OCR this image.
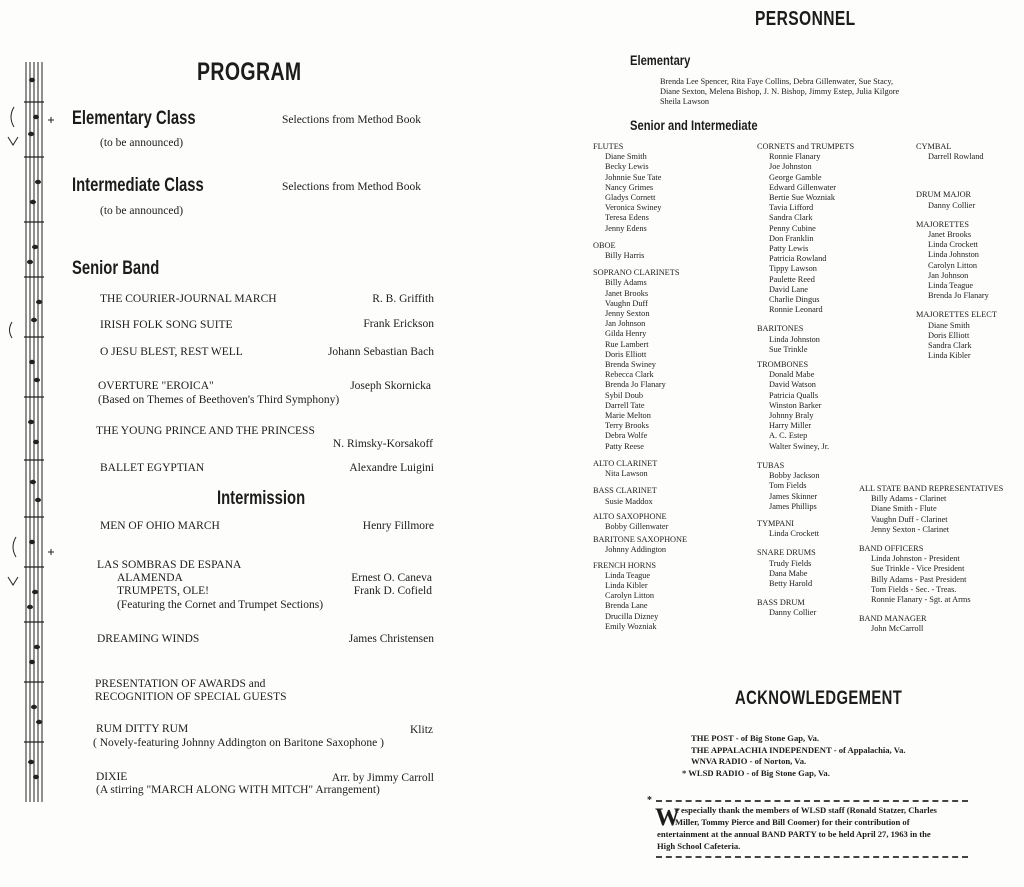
PROGRAM
Elementary Class	Selections from Method Book
(to be announced)
Intermediate Class	Selections from Method Book
(to be announced)
Senior Band
THE COURIER-JOURNAL MARCH	R. B. Griffith
IRISH FOLK SONG SUITE	Frank Erickson
O JESU BLEST, REST WELL	Johann Sebastian Bach
OVERTURE "EROICA"	Joseph Skornicka
(Based on Themes of Beethoven's Third Symphony)
THE YOUNG PRINCE AND THE PRINCESS
N. Rimsky-Korsakoff
BALLET EGYPTIAN	Alexandre Luigini
Intermission
MEN OF OHIO MARCH	Henry Fillmore
LAS SOMBRAS DE ESPANA
ALAMENDA	Ernest O. Caneva
TRUMPETS, OLE!	Frank D. Cofield
(Featuring the Cornet and Trumpet Sections)
DREAMING WINDS	James Christensen
PRESENTATION OF AWARDS and
RECOGNITION OF SPECIAL GUESTS
RUM DITTY RUM	Klitz
( Novely-featuring Johnny Addington on Baritone Saxophone )
DIXIE	Arr. by Jimmy Carroll
(A stirring "MARCH ALONG WITH MITCH" Arrangement)
PERSONNEL
Elementary
Brenda Lee Spencer, Rita Faye Collins, Debra Gillenwater, Sue Stacy,
Diane Sexton, Melena Bishop, J. N. Bishop, Jimmy Estep, Julia Kilgore
Sheila Lawson
Senior and Intermediate
FLUTES
Diane Smith
Becky Lewis
Johnnie Sue Tate
Nancy Grimes
Gladys Cornett
Veronica Swiney
Teresa Edens
Jenny Edens
OBOE
Billy Harris
SOPRANO CLARINETS
Billy Adams
Janet Brooks
Vaughn Duff
Jenny Sexton
Jan Johnson
Gilda Henry
Rue Lambert
Doris Elliott
Brenda Swiney
Rebecca Clark
Brenda Jo Flanary
Sybil Doub
Darrell Tate
Marie Melton
Terry Brooks
Debra Wolfe
Patty Reese
ALTO CLARINET
Nita Lawson
BASS CLARINET
Susie Maddox
ALTO SAXOPHONE
Bobby Gillenwater
BARITONE SAXOPHONE
Johnny Addington
FRENCH HORNS
Linda Teague
Linda Kibler
Carolyn Litton
Brenda Lane
Drucilla Dizney
Emily Wozniak
CORNETS and TRUMPETS
Ronnie Flanary
Joe Johnston
George Gamble
Edward Gillenwater
Bertie Sue Wozniak
Tavia Lifford
Sandra Clark
Penny Cubine
Don Franklin
Patty Lewis
Patricia Rowland
Tippy Lawson
Paulette Reed
David Lane
Charlie Dingus
Ronnie Leonard
BARITONES
Linda Johnston
Sue Trinkle
TROMBONES
Donald Mabe
David Watson
Patricia Qualls
Winston Barker
Johnny Braly
Harry Miller
A. C. Estep
Walter Swiney, Jr.
TUBAS
Bobby Jackson
Tom Fields
James Skinner
James Phillips
TYMPANI
Linda Crockett
SNARE DRUMS
Trudy Fields
Dana Mabe
Betty Harold
BASS DRUM
Danny Collier
CYMBAL
Darrell Rowland
DRUM MAJOR
Danny Collier
MAJORETTES
Janet Brooks
Linda Crockett
Linda Johnston
Carolyn Litton
Jan Johnson
Linda Teague
Brenda Jo Flanary
MAJORETTES ELECT
Diane Smith
Doris Elliott
Sandra Clark
Linda Kibler
ALL STATE BAND REPRESENTATIVES
Billy Adams - Clarinet
Diane Smith - Flute
Vaughn Duff - Clarinet
Jenny Sexton - Clarinet
BAND OFFICERS
Linda Johnston - President
Sue Trinkle - Vice President
Billy Adams - Past President
Tom Fields - Sec. - Treas.
Ronnie Flanary - Sgt. at Arms
BAND MANAGER
John McCarroll
ACKNOWLEDGEMENT
THE POST - of Big Stone Gap, Va.
THE APPALACHIA INDEPENDENT - of Appalachia, Va.
WNVA RADIO - of Norton, Va.
* WLSD RADIO - of Big Stone Gap, Va.
*
W
e especially thank the members of WLSD staff (Ronald Statzer, Charles
Miller, Tommy Pierce and Bill Coomer) for their contribution of
entertainment at the annual BAND PARTY to be held April 27, 1963 in the
High School Cafeteria.
